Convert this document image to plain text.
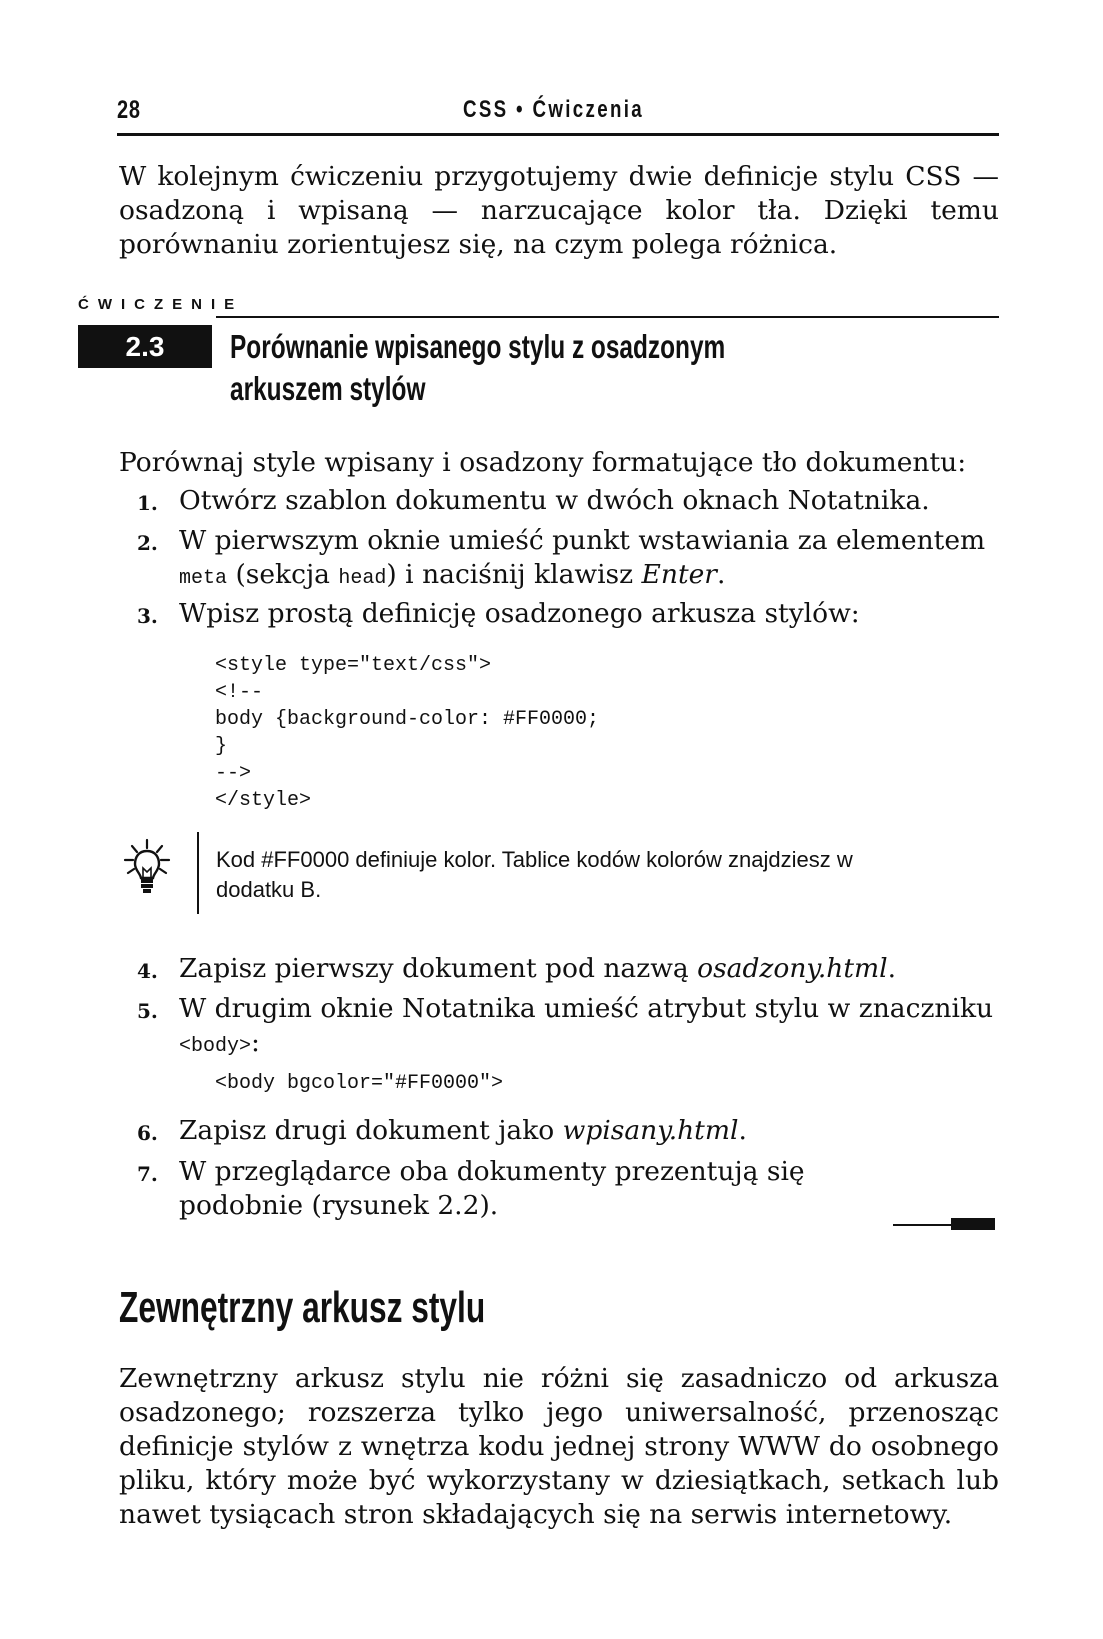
28	CSS • Ćwiczenia
W kolejnym ćwiczeniu przygotujemy dwie definicje stylu CSS — osadzoną i wpisaną — narzucające kolor tła. Dzięki temu porównaniu zorientujesz się, na czym polega różnica.
ĆWICZENIE
2.3 Porównanie wpisanego stylu z osadzonym
arkuszem stylów
Porównaj style wpisany i osadzony formatujące tło dokumentu:
1. Otwórz szablon dokumentu w dwóch oknach Notatnika.
2. W pierwszym oknie umieść punkt wstawiania za elementem
meta (sekcja head) i naciśnij klawisz Enter.
3. Wpisz prostą definicję osadzonego arkusza stylów:
<style type="text/css">
<!--
body {background-color: #FF0000;
}
-->
</style>
Kod #FF0000 definiuje kolor. Tablice kodów kolorów znajdziesz w dodatku B.
4. Zapisz pierwszy dokument pod nazwą osadzony.html.
5. W drugim oknie Notatnika umieść atrybut stylu w znaczniku
<body>:
<body bgcolor="#FF0000">
6. Zapisz drugi dokument jako wpisany.html.
7. W przeglądarce oba dokumenty prezentują się podobnie (rysunek 2.2).
Zewnętrzny arkusz stylu
Zewnętrzny arkusz stylu nie różni się zasadniczo od arkusza osadzonego; rozszerza tylko jego uniwersalność, przenosząc definicje stylów z wnętrza kodu jednej strony WWW do osobnego pliku, który może być wykorzystany w dziesiątkach, setkach lub nawet tysiącach stron składających się na serwis internetowy.
